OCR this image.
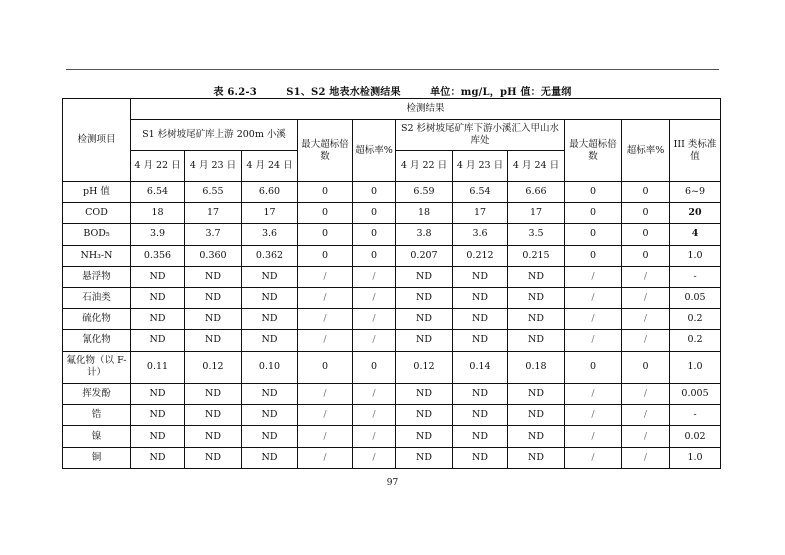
表 6.2-3	S1、S2 地表水检测结果	单位：mg/L，pH 值：无量纲
检测项目	检测结果										
	S1 杉树坡尾矿库上游 200m 小溪			最大超标倍数	超标率%	S2 杉树坡尾矿库下游小溪汇入甲山水库处			最大超标倍数	超标率%	III 类标准值
	4 月 22 日	4 月 23 日	4 月 24 日			4 月 22 日	4 月 23 日	4 月 24 日			
pH 值	6.54	6.55	6.60	0	0	6.59	6.54	6.66	0	0	6~9
COD	18	17	17	0	0	18	17	17	0	0	20
BOD₅	3.9	3.7	3.6	0	0	3.8	3.6	3.5	0	0	4
NH₃-N	0.356	0.360	0.362	0	0	0.207	0.212	0.215	0	0	1.0
悬浮物	ND	ND	ND	/	/	ND	ND	ND	/	/	-
石油类	ND	ND	ND	/	/	ND	ND	ND	/	/	0.05
硫化物	ND	ND	ND	/	/	ND	ND	ND	/	/	0.2
氰化物	ND	ND	ND	/	/	ND	ND	ND	/	/	0.2
氟化物（以 F-计）	0.11	0.12	0.10	0	0	0.12	0.14	0.18	0	0	1.0
挥发酚	ND	ND	ND	/	/	ND	ND	ND	/	/	0.005
锆	ND	ND	ND	/	/	ND	ND	ND	/	/	-
镍	ND	ND	ND	/	/	ND	ND	ND	/	/	0.02
铜	ND	ND	ND	/	/	ND	ND	ND	/	/	1.0
97
